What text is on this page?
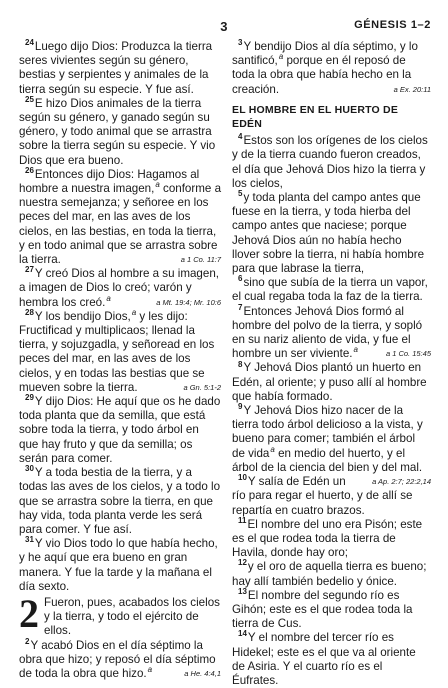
3	GÉNESIS 1–2

$^{24}$Luego dijo Dios: Produzca la tierra seres vivientes según su género, bestias y serpientes y animales de la tierra según su especie. Y fue así.

$^{25}$E hizo Dios animales de la tierra según su género, y ganado según su género, y todo animal que se arrastra sobre la tierra según su especie. Y vio Dios que era bueno.

$^{26}$Entonces dijo Dios: Hagamos al hombre a nuestra imagen,$^a$ conforme a nuestra semejanza; y señoree en los peces del mar, en las aves de los cielos, en las bestias, en toda la tierra, y en todo animal que se arrastra sobre la tierra.	a 1 Co. 11:7

$^{27}$Y creó Dios al hombre a su imagen, a imagen de Dios lo creó; varón y hembra los creó.$^a$	a Mt. 19:4; Mr. 10:6

$^{28}$Y los bendijo Dios,$^a$ y les dijo: Fructificad y multiplicaos; llenad la tierra, y sojuzgadla, y señoread en los peces del mar, en las aves de los cielos, y en todas las bestias que se mueven sobre la tierra.	a Gn. 5:1-2

$^{29}$Y dijo Dios: He aquí que os he dado toda planta que da semilla, que está sobre toda la tierra, y todo árbol en que hay fruto y que da semilla; os serán para comer.

$^{30}$Y a toda bestia de la tierra, y a todas las aves de los cielos, y a todo lo que se arrastra sobre la tierra, en que hay vida, toda planta verde les será para comer. Y fue así.

$^{31}$Y vio Dios todo lo que había hecho, y he aquí que era bueno en gran manera. Y fue la tarde y la mañana el día sexto.

2 Fueron, pues, acabados los cielos y la tierra, y todo el ejército de ellos.

$^2$Y acabó Dios en el día séptimo la obra que hizo; y reposó el día séptimo de toda la obra que hizo.$^a$	a He. 4:4,1

$^3$Y bendijo Dios al día séptimo, y lo santificó,$^a$ porque en él reposó de toda la obra que había hecho en la creación.	a Ex. 20:11

EL HOMBRE EN EL HUERTO DE EDÉN

$^4$Estos son los orígenes de los cielos y de la tierra cuando fueron creados, el día que Jehová Dios hizo la tierra y los cielos,

$^5$y toda planta del campo antes que fuese en la tierra, y toda hierba del campo antes que naciese; porque Jehová Dios aún no había hecho llover sobre la tierra, ni había hombre para que labrase la tierra,

$^6$sino que subía de la tierra un vapor, el cual regaba toda la faz de la tierra.

$^7$Entonces Jehová Dios formó al hombre del polvo de la tierra, y sopló en su nariz aliento de vida, y fue el hombre un ser viviente.$^a$	a 1 Co. 15:45

$^8$Y Jehová Dios plantó un huerto en Edén, al oriente; y puso allí al hombre que había formado.

$^9$Y Jehová Dios hizo nacer de la tierra todo árbol delicioso a la vista, y bueno para comer; también el árbol de vida$^a$ en medio del huerto, y el árbol de la ciencia del bien y del mal.
a Ap. 2:7; 22:2,14

$^{10}$Y salía de Edén un río para regar el huerto, y de allí se repartía en cuatro brazos.

$^{11}$El nombre del uno era Pisón; este es el que rodea toda la tierra de Havila, donde hay oro;

$^{12}$y el oro de aquella tierra es bueno; hay allí también bedelio y ónice.

$^{13}$El nombre del segundo río es Gihón; este es el que rodea toda la tierra de Cus.

$^{14}$Y el nombre del tercer río es Hidekel; este es el que va al oriente de Asiria. Y el cuarto río es el Éufrates.
